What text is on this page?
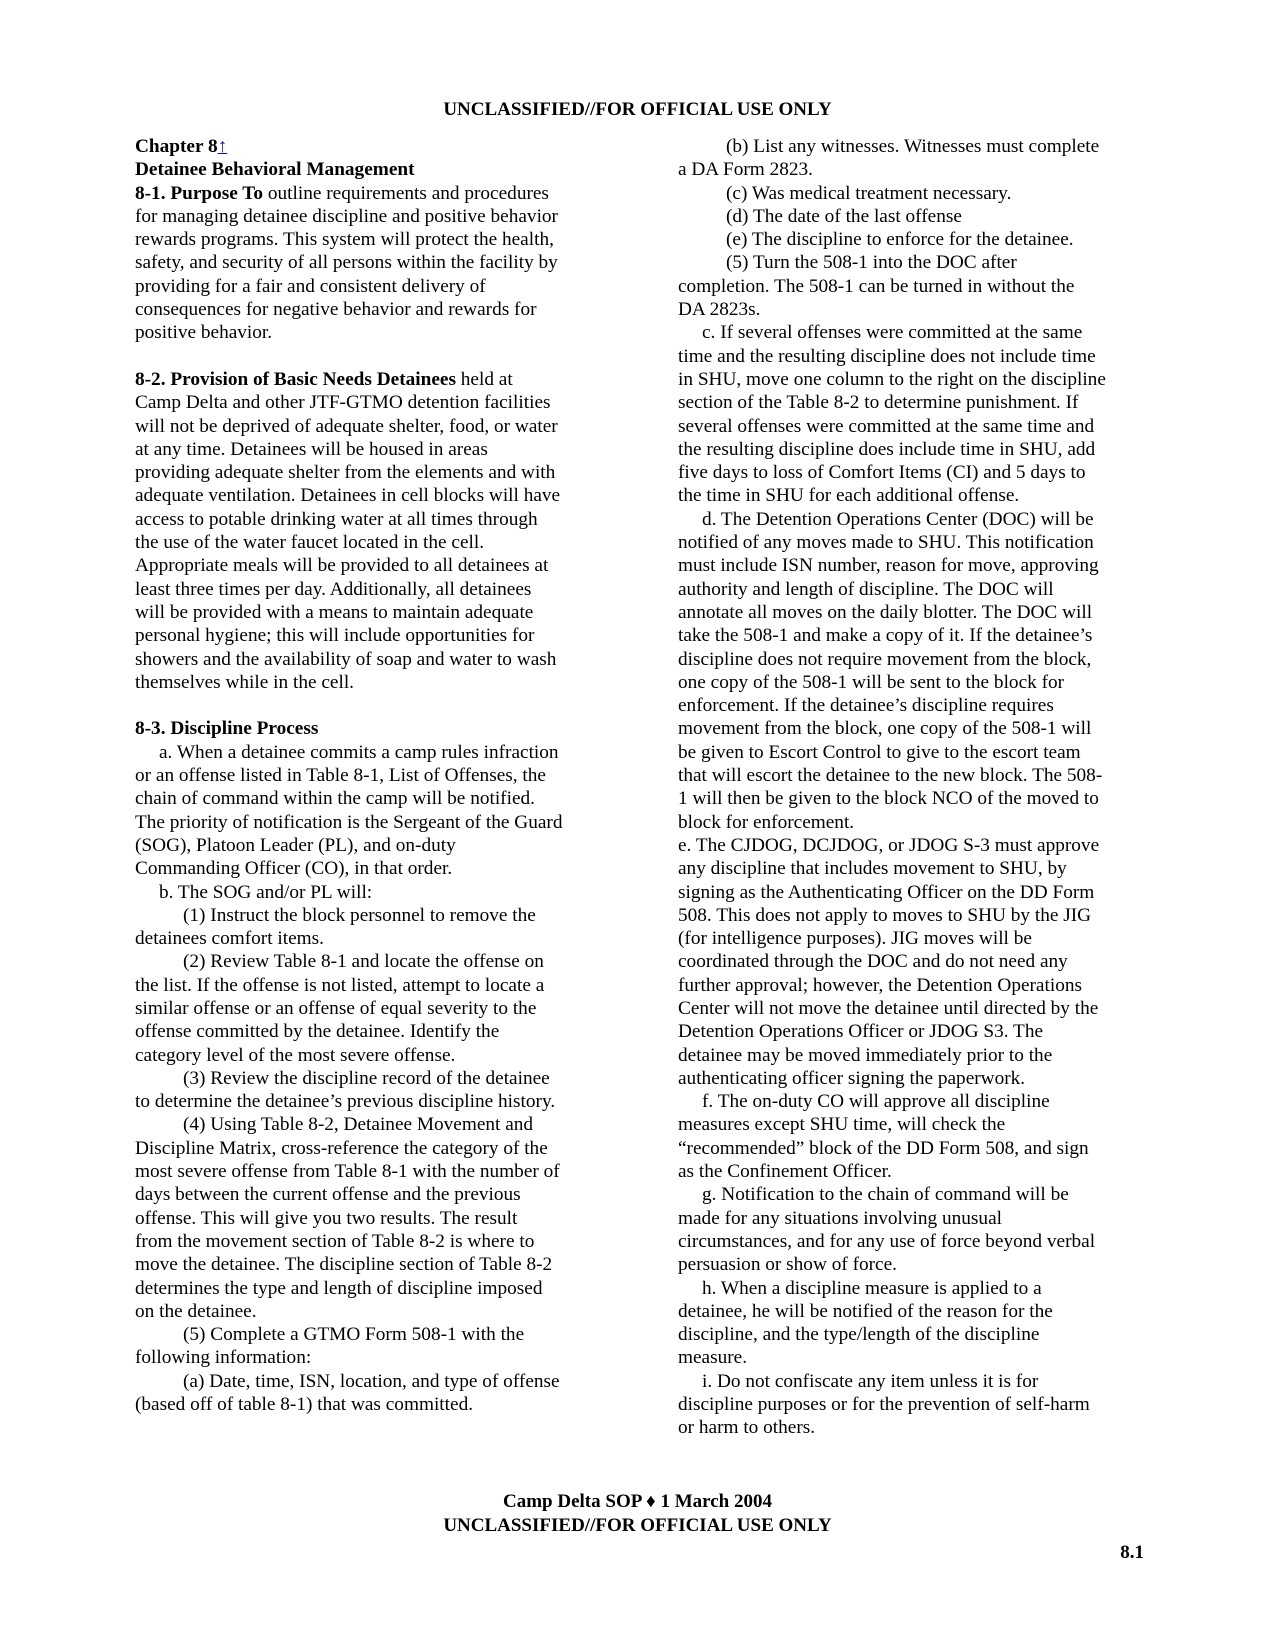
UNCLASSIFIED//FOR OFFICIAL USE ONLY

Chapter 8↑

Detainee Behavioral Management

8-1. Purpose To outline requirements and procedures

for managing detainee discipline and positive behavior

rewards programs. This system will protect the health,

safety, and security of all persons within the facility by

providing for a fair and consistent delivery of

consequences for negative behavior and rewards for

positive behavior.

8-2. Provision of Basic Needs Detainees held at

Camp Delta and other JTF-GTMO detention facilities

will not be deprived of adequate shelter, food, or water

at any time. Detainees will be housed in areas

providing adequate shelter from the elements and with

adequate ventilation. Detainees in cell blocks will have

access to potable drinking water at all times through

the use of the water faucet located in the cell.

Appropriate meals will be provided to all detainees at

least three times per day. Additionally, all detainees

will be provided with a means to maintain adequate

personal hygiene; this will include opportunities for

showers and the availability of soap and water to wash

themselves while in the cell.

8-3. Discipline Process

a. When a detainee commits a camp rules infraction

or an offense listed in Table 8-1, List of Offenses, the

chain of command within the camp will be notified.

The priority of notification is the Sergeant of the Guard

(SOG), Platoon Leader (PL), and on-duty

Commanding Officer (CO), in that order.

b. The SOG and/or PL will:

(1) Instruct the block personnel to remove the

detainees comfort items.

(2) Review Table 8-1 and locate the offense on

the list. If the offense is not listed, attempt to locate a

similar offense or an offense of equal severity to the

offense committed by the detainee. Identify the

category level of the most severe offense.

(3) Review the discipline record of the detainee

to determine the detainee’s previous discipline history.

(4) Using Table 8-2, Detainee Movement and

Discipline Matrix, cross-reference the category of the

most severe offense from Table 8-1 with the number of

days between the current offense and the previous

offense. This will give you two results. The result

from the movement section of Table 8-2 is where to

move the detainee. The discipline section of Table 8-2

determines the type and length of discipline imposed

on the detainee.

(5) Complete a GTMO Form 508-1 with the

following information:

(a) Date, time, ISN, location, and type of offense

(based off of table 8-1) that was committed.

(b) List any witnesses. Witnesses must complete

a DA Form 2823.

(c) Was medical treatment necessary.

(d) The date of the last offense

(e) The discipline to enforce for the detainee.

(5) Turn the 508-1 into the DOC after

completion. The 508-1 can be turned in without the

DA 2823s.

c. If several offenses were committed at the same

time and the resulting discipline does not include time

in SHU, move one column to the right on the discipline

section of the Table 8-2 to determine punishment. If

several offenses were committed at the same time and

the resulting discipline does include time in SHU, add

five days to loss of Comfort Items (CI) and 5 days to

the time in SHU for each additional offense.

d. The Detention Operations Center (DOC) will be

notified of any moves made to SHU. This notification

must include ISN number, reason for move, approving

authority and length of discipline. The DOC will

annotate all moves on the daily blotter. The DOC will

take the 508-1 and make a copy of it. If the detainee’s

discipline does not require movement from the block,

one copy of the 508-1 will be sent to the block for

enforcement. If the detainee’s discipline requires

movement from the block, one copy of the 508-1 will

be given to Escort Control to give to the escort team

that will escort the detainee to the new block. The 508-

1 will then be given to the block NCO of the moved to

block for enforcement.

e. The CJDOG, DCJDOG, or JDOG S-3 must approve

any discipline that includes movement to SHU, by

signing as the Authenticating Officer on the DD Form

508. This does not apply to moves to SHU by the JIG

(for intelligence purposes). JIG moves will be

coordinated through the DOC and do not need any

further approval; however, the Detention Operations

Center will not move the detainee until directed by the

Detention Operations Officer or JDOG S3. The

detainee may be moved immediately prior to the

authenticating officer signing the paperwork.

f. The on-duty CO will approve all discipline

measures except SHU time, will check the

“recommended” block of the DD Form 508, and sign

as the Confinement Officer.

g. Notification to the chain of command will be

made for any situations involving unusual

circumstances, and for any use of force beyond verbal

persuasion or show of force.

h. When a discipline measure is applied to a

detainee, he will be notified of the reason for the

discipline, and the type/length of the discipline

measure.

i. Do not confiscate any item unless it is for

discipline purposes or for the prevention of self-harm

or harm to others.

Camp Delta SOP ♦ 1 March 2004
UNCLASSIFIED//FOR OFFICIAL USE ONLY
8.1
